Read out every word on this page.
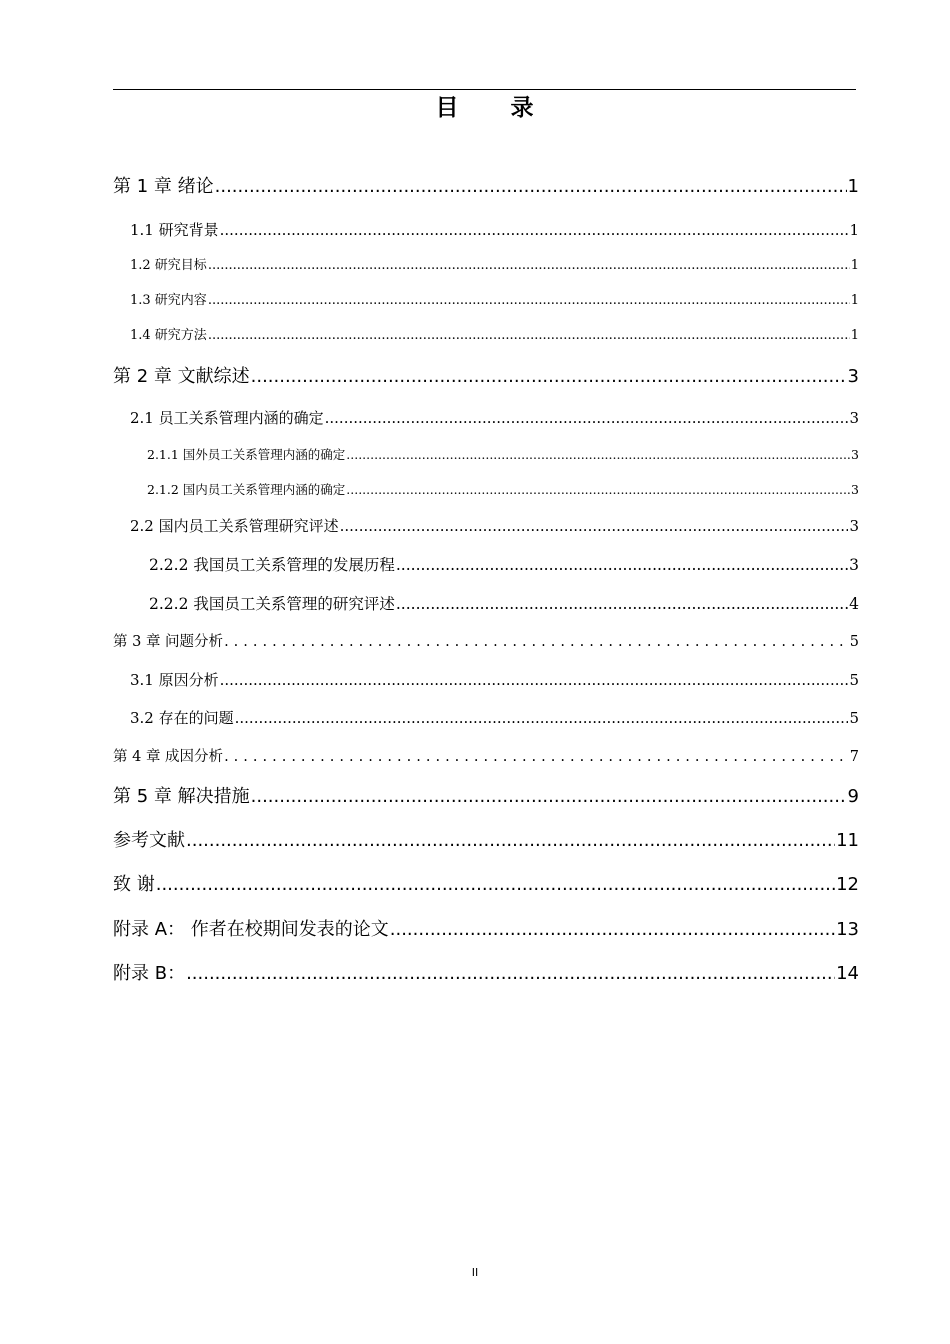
目 录
第 1 章 绪论 .....	1
1.1 研究背景 .....	1
1.2 研究目标 .....	1
1.3 研究内容 .....	1
1.4 研究方法 .....	1
第 2 章 文献综述 .....	3
2.1 员工关系管理内涵的确定 .....	3
2.1.1 国外员工关系管理内涵的确定 .....	3
2.1.2 国内员工关系管理内涵的确定 .....	3
2.2 国内员工关系管理研究评述 .....	3
2.2.2 我国员工关系管理的发展历程 .....	3
2.2.2 我国员工关系管理的研究评述 .....	4
第 3 章 问题分析 .....	5
3.1 原因分析 .....	5
3.2 存在的问题 .....	5
第 4 章 成因分析 .....	7
第 5 章 解决措施 .....	9
参考文献 .....	11
致 谢 .....	12
附录 A： 作者在校期间发表的论文 .....	13
附录 B： .....	14
II
